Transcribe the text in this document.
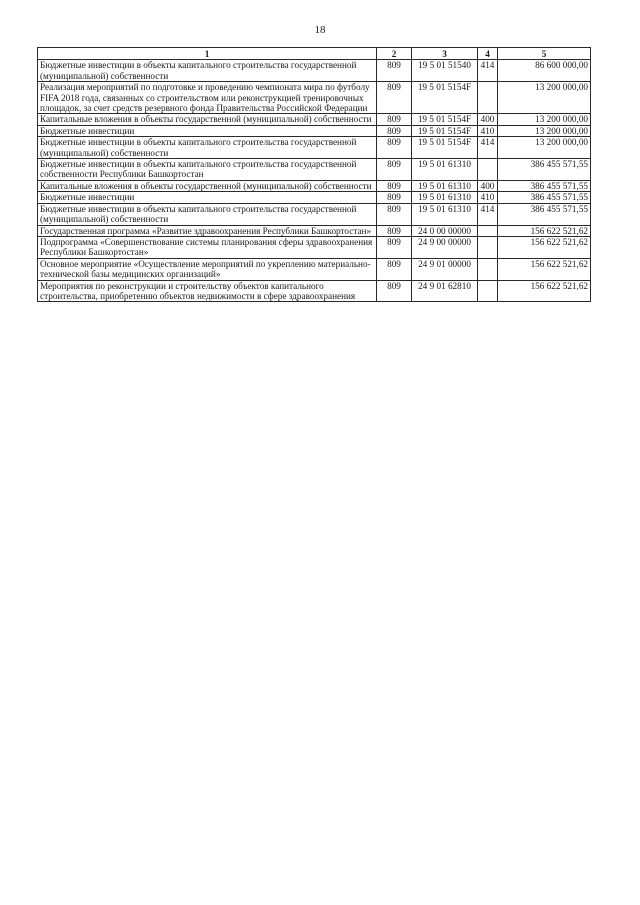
18
1	2	3	4	5
Бюджетные инвестиции в объекты капитального строительства государственной (муниципальной) собственности	809	19 5 01 51540	414	86 600 000,00
Реализация мероприятий по подготовке и проведению чемпионата мира по футболу FIFA 2018 года, связанных со строительством или реконструкцией тренировочных площадок, за счет средств резервного фонда Правительства Российской Федерации	809	19 5 01 5154F		13 200 000,00
Капитальные вложения в объекты государственной (муниципальной) собственности	809	19 5 01 5154F	400	13 200 000,00
Бюджетные инвестиции	809	19 5 01 5154F	410	13 200 000,00
Бюджетные инвестиции в объекты капитального строительства государственной (муниципальной) собственности	809	19 5 01 5154F	414	13 200 000,00
Бюджетные инвестиции в объекты капитального строительства государственной собственности Республики Башкортостан	809	19 5 01 61310		386 455 571,55
Капитальные вложения в объекты государственной (муниципальной) собственности	809	19 5 01 61310	400	386 455 571,55
Бюджетные инвестиции	809	19 5 01 61310	410	386 455 571,55
Бюджетные инвестиции в объекты капитального строительства государственной (муниципальной) собственности	809	19 5 01 61310	414	386 455 571,55
Государственная программа «Развитие здравоохранения Республики Башкортостан»	809	24 0 00 00000		156 622 521,62
Подпрограмма «Совершенствование системы планирования сферы здравоохранения Республики Башкортостан»	809	24 9 00 00000		156 622 521,62
Основное мероприятие «Осуществление мероприятий по укреплению материально-технической базы медицинских организаций»	809	24 9 01 00000		156 622 521,62
Мероприятия по реконструкции и строительству объектов капитального строительства, приобретению объектов недвижимости в сфере здравоохранения	809	24 9 01 62810		156 622 521,62
